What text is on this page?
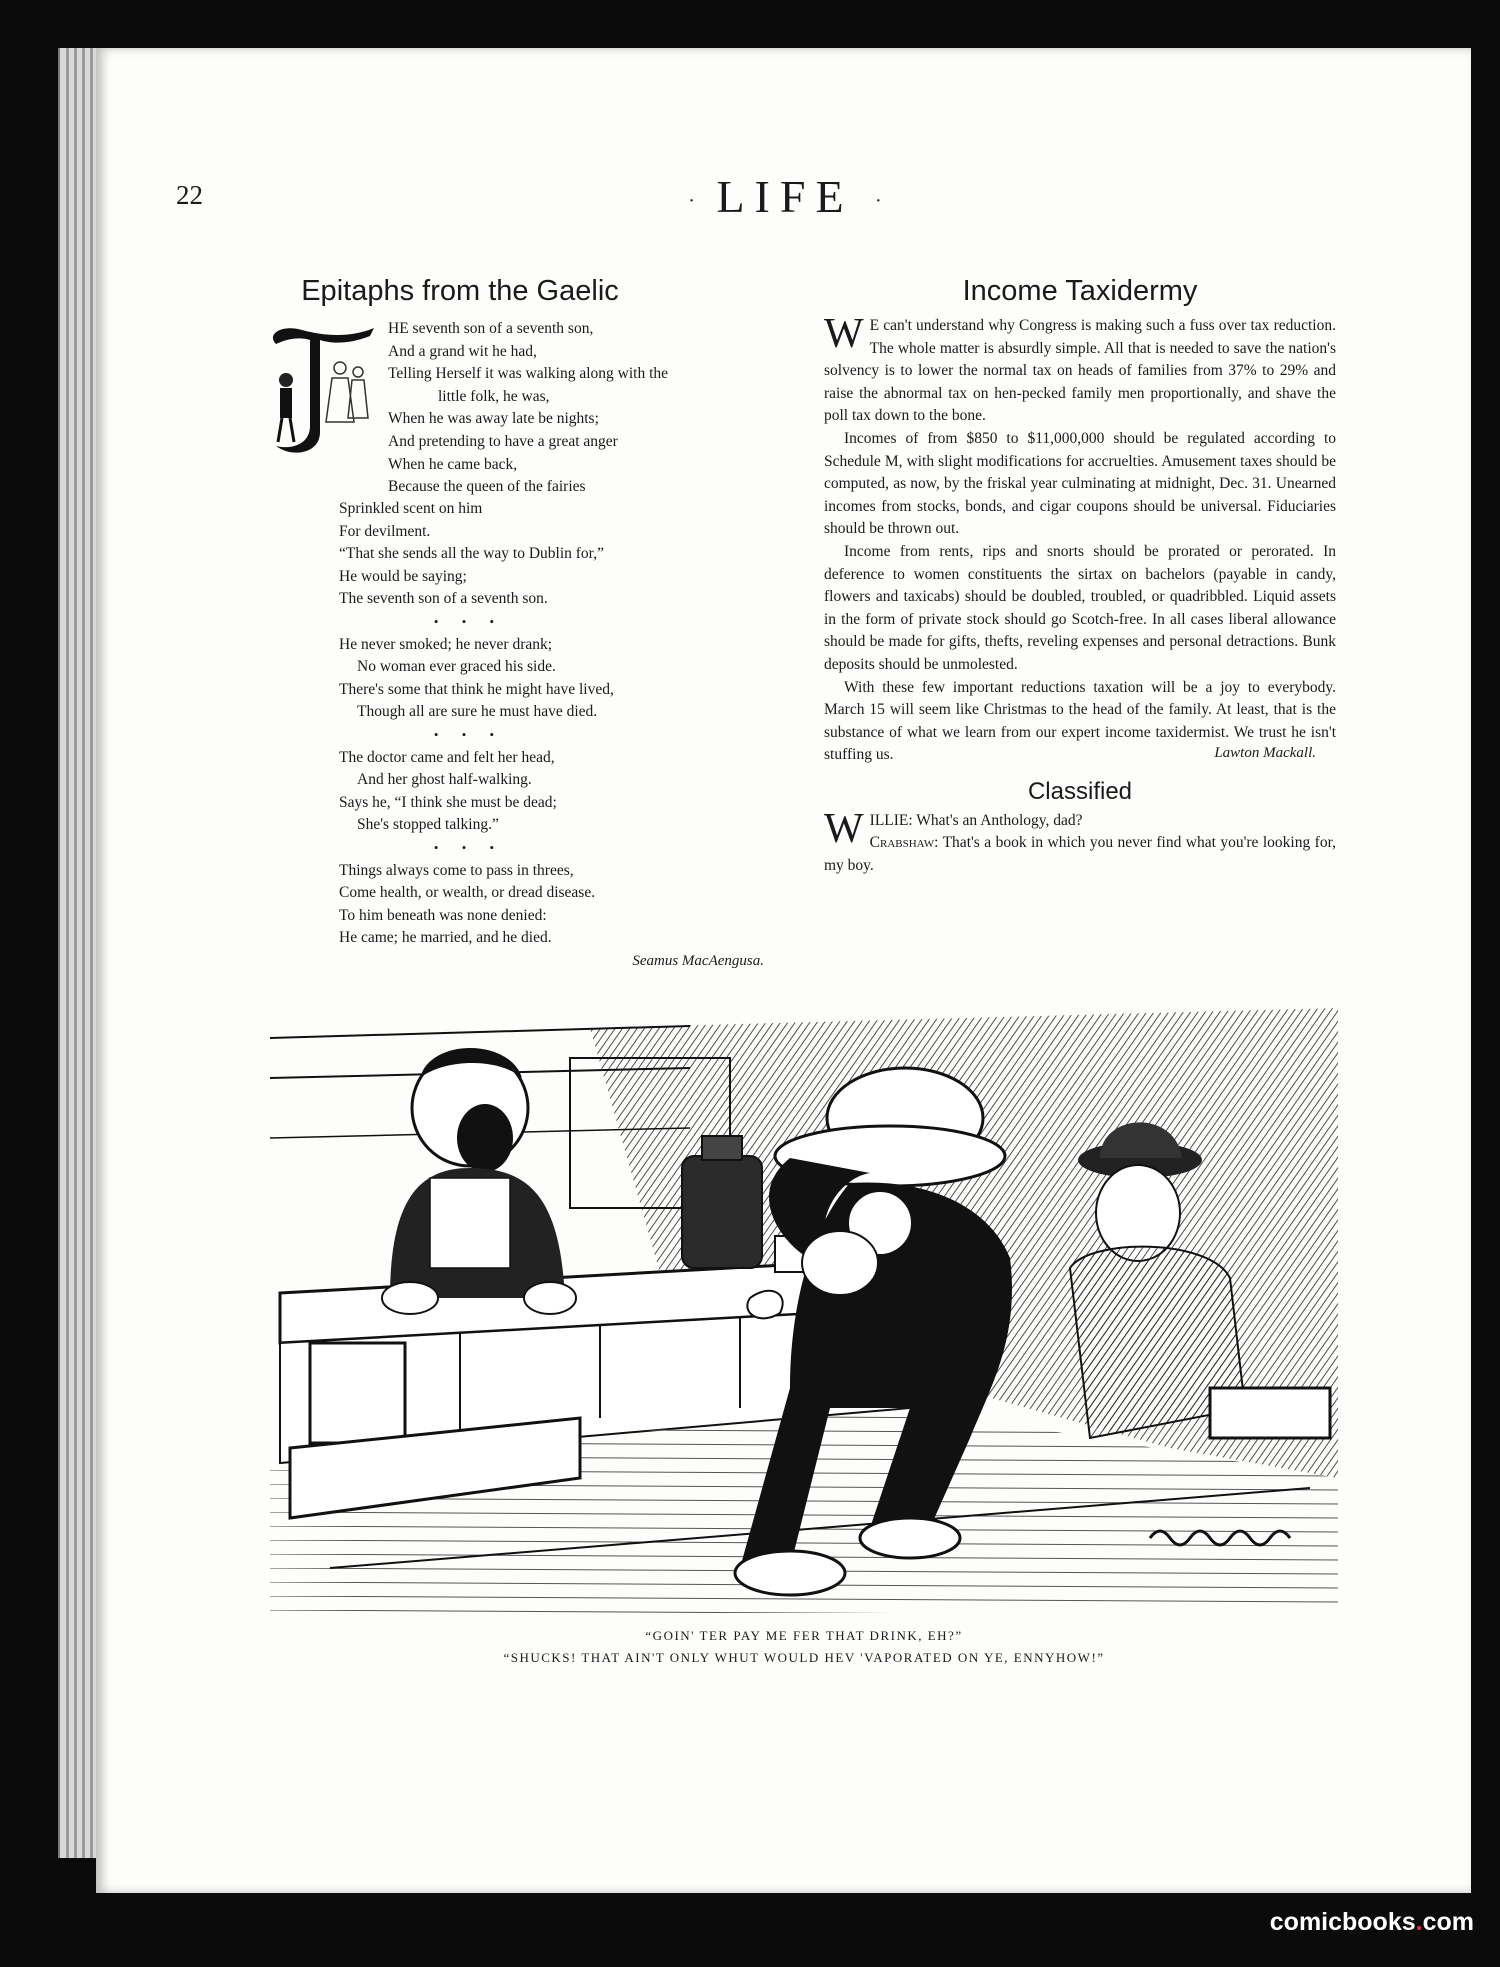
22	· LIFE ·
Epitaphs from the Gaelic
HE seventh son of a seventh son,
And a grand wit he had,
Telling Herself it was walking along with the
little folk, he was,
When he was away late be nights;
And pretending to have a great anger
When he came back,
Because the queen of the fairies
Sprinkled scent on him
For devilment.
“That she sends all the way to Dublin for,”
He would be saying;
The seventh son of a seventh son.
• • •
He never smoked; he never drank;
No woman ever graced his side.
There's some that think he might have lived,
Though all are sure he must have died.
• • •
The doctor came and felt her head,
And her ghost half-walking.
Says he, “I think she must be dead;
She's stopped talking.”
• • •
Things always come to pass in threes,
Come health, or wealth, or dread disease.
To him beneath was none denied:
He came; he married, and he died.
Seamus MacAengusa.
Income Taxidermy

W E can't understand why Congress is making such a fuss over tax reduction. The whole matter is absurdly simple. All that is needed to save the nation's solvency is to lower the normal tax on heads of families from 37% to 29% and raise the abnormal tax on hen-pecked family men proportionally, and shave the poll tax down to the bone.

Incomes of from $850 to $11,000,000 should be regulated according to Schedule M, with slight modifications for accruelties. Amusement taxes should be computed, as now, by the friskal year culminating at midnight, Dec. 31. Unearned incomes from stocks, bonds, and cigar coupons should be universal. Fiduciaries should be thrown out.

Income from rents, rips and snorts should be prorated or perorated. In deference to women constituents the sirtax on bachelors (payable in candy, flowers and taxicabs) should be doubled, troubled, or quadribbled. Liquid assets in the form of private stock should go Scotch-free. In all cases liberal allowance should be made for gifts, thefts, reveling expenses and personal detractions. Bunk deposits should be unmolested.

With these few important reductions taxation will be a joy to everybody. March 15 will seem like Christmas to the head of the family. At least, that is the substance of what we learn from our expert income taxidermist. We trust he isn't stuffing us.	Lawton Mackall.
Classified

WILLIE: What's an Anthology, dad?
Crabshaw: That's a book in which you never find what you're looking for, my boy.

“GOIN' TER PAY ME FER THAT DRINK, EH?”
“SHUCKS! THAT AIN'T ONLY WHUT WOULD HEV 'VAPORATED ON YE, ENNYHOW!”
comicbooks.com
